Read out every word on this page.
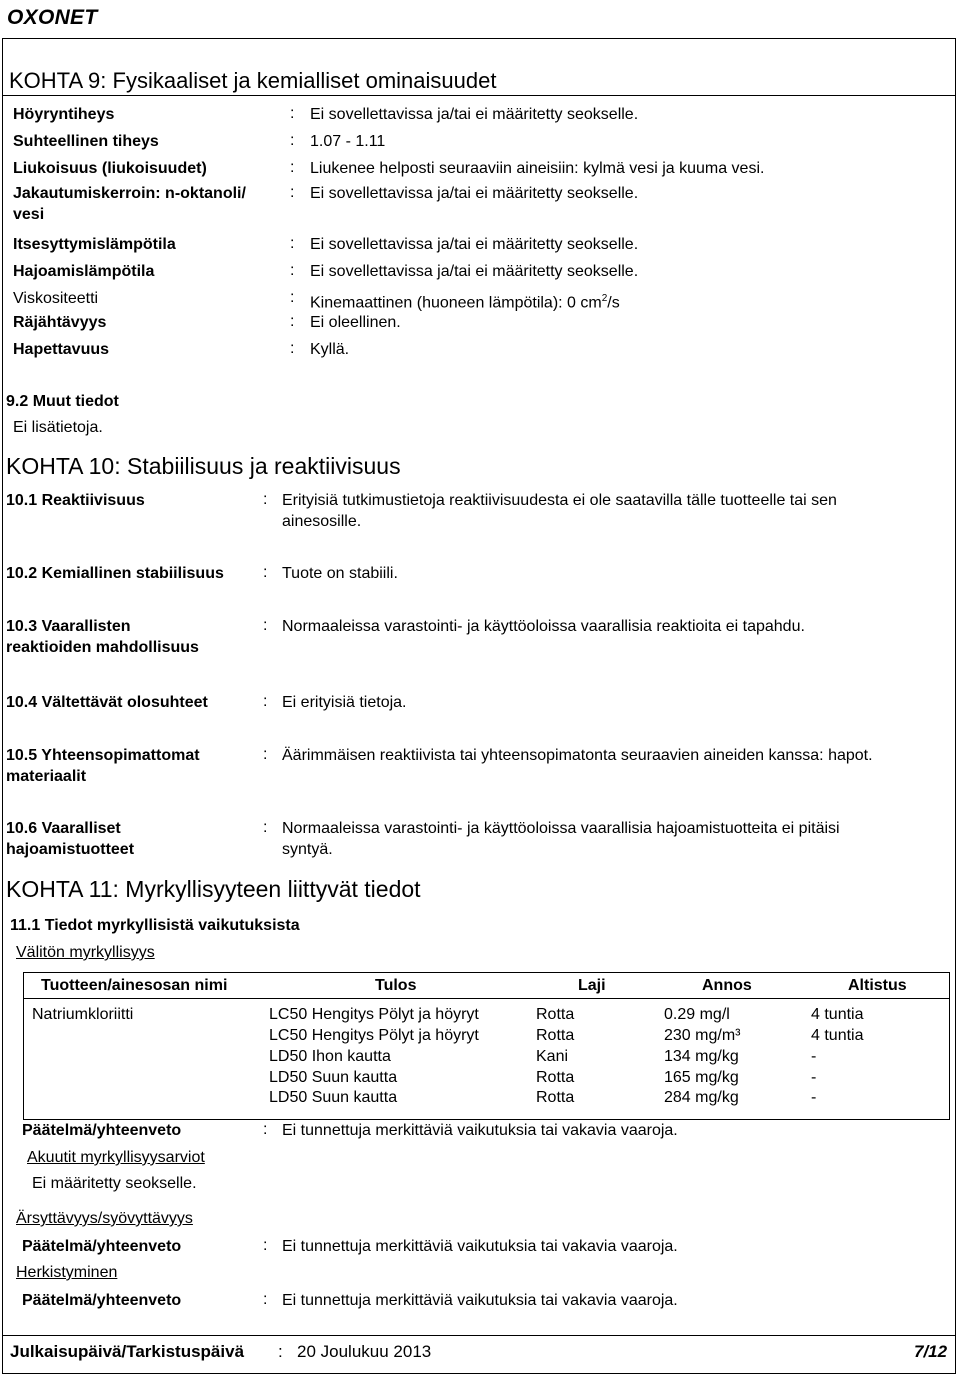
OXONET
KOHTA 9: Fysikaaliset ja kemialliset ominaisuudet
Höyryntiheys	: Ei sovellettavissa ja/tai ei määritetty seokselle.
Suhteellinen tiheys	: 1.07 - 1.11
Liukoisuus (liukoisuudet)	: Liukenee helposti seuraaviin aineisiin: kylmä vesi ja kuuma vesi.
Jakautumiskerroin: n-oktanoli/
vesi
: Ei sovellettavissa ja/tai ei määritetty seokselle.
Itsesyttymislämpötila	: Ei sovellettavissa ja/tai ei määritetty seokselle.
Hajoamislämpötila	: Ei sovellettavissa ja/tai ei määritetty seokselle.
Viskositeetti	: Kinemaattinen (huoneen lämpötila): 0 $cm^2/s$
Räjähtävyys	: Ei oleellinen.
Hapettavuus	: Kyllä.
9.2 Muut tiedot
Ei lisätietoja.
KOHTA 10: Stabiilisuus ja reaktiivisuus
10.1 Reaktiivisuus	: Erityisiä tutkimustietoja reaktiivisuudesta ei ole saatavilla tälle tuotteelle tai sen
ainesosille.
10.2 Kemiallinen stabiilisuus : Tuote on stabiili.
10.3 Vaarallisten
reaktioiden mahdollisuus
: Normaaleissa varastointi- ja käyttöoloissa vaarallisia reaktioita ei tapahdu.
10.4 Vältettävät olosuhteet	: Ei erityisiä tietoja.
10.5 Yhteensopimattomat
materiaalit
: Äärimmäisen reaktiivista tai yhteensopimatonta seuraavien aineiden kanssa: hapot.
10.6 Vaaralliset
hajoamistuotteet
: Normaaleissa varastointi- ja käyttöoloissa vaarallisia hajoamistuotteita ei pitäisi
syntyä.
KOHTA 11: Myrkyllisyyteen liittyvät tiedot
11.1 Tiedot myrkyllisistä vaikutuksista
Välitön myrkyllisyys
Tuotteen/ainesosan nimi	Tulos	Laji	Annos	Altistus
Natriumkloriitti	LC50 Hengitys Pölyt ja höyryt	Rotta	0.29 mg/l	4 tuntia
LC50 Hengitys Pölyt ja höyryt	Rotta	230 mg/m³	4 tuntia
LD50 Ihon kautta	Kani	134 mg/kg	-
LD50 Suun kautta	Rotta	165 mg/kg	-
LD50 Suun kautta	Rotta	284 mg/kg	-
Päätelmä/yhteenveto	: Ei tunnettuja merkittäviä vaikutuksia tai vakavia vaaroja.
Akuutit myrkyllisyysarviot
Ei määritetty seokselle.
Ärsyttävyys/syövyttävyys
Päätelmä/yhteenveto	: Ei tunnettuja merkittäviä vaikutuksia tai vakavia vaaroja.
Herkistyminen
Päätelmä/yhteenveto	: Ei tunnettuja merkittäviä vaikutuksia tai vakavia vaaroja.
Julkaisupäivä/Tarkistuspäivä : 20 Joulukuu 2013	7/12
